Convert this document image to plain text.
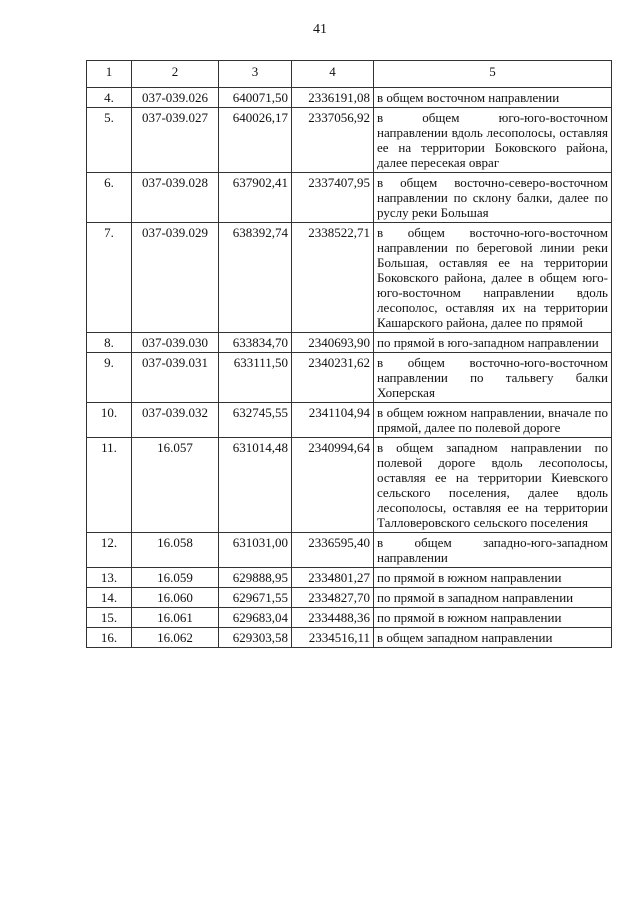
41
1	2	3	4	5
4.	037-039.026	640071,50	2336191,08	в общем восточном направлении
5.	037-039.027	640026,17	2337056,92	в общем юго-юго-восточном направлении вдоль лесополосы, оставляя ее на территории Боковского района, далее пересекая овраг
6.	037-039.028	637902,41	2337407,95	в общем восточно-северо-восточном направлении по склону балки, далее по руслу реки Большая
7.	037-039.029	638392,74	2338522,71	в общем восточно-юго-восточном направлении по береговой линии реки Большая, оставляя ее на территории Боковского района, далее в общем юго-юго-восточном направлении вдоль лесополос, оставляя их на территории Кашарского района, далее по прямой
8.	037-039.030	633834,70	2340693,90	по прямой в юго-западном направлении
9.	037-039.031	633111,50	2340231,62	в общем восточно-юго-восточном направлении по тальвегу балки Хоперская
10.	037-039.032	632745,55	2341104,94	в общем южном направлении, вначале по прямой, далее по полевой дороге
11.	16.057	631014,48	2340994,64	в общем западном направлении по полевой дороге вдоль лесополосы, оставляя ее на территории Киевского сельского поселения, далее вдоль лесополосы, оставляя ее на территории Талловеровского сельского поселения
12.	16.058	631031,00	2336595,40	в общем западно-юго-западном направлении
13.	16.059	629888,95	2334801,27	по прямой в южном направлении
14.	16.060	629671,55	2334827,70	по прямой в западном направлении
15.	16.061	629683,04	2334488,36	по прямой в южном направлении
16.	16.062	629303,58	2334516,11	в общем западном направлении
